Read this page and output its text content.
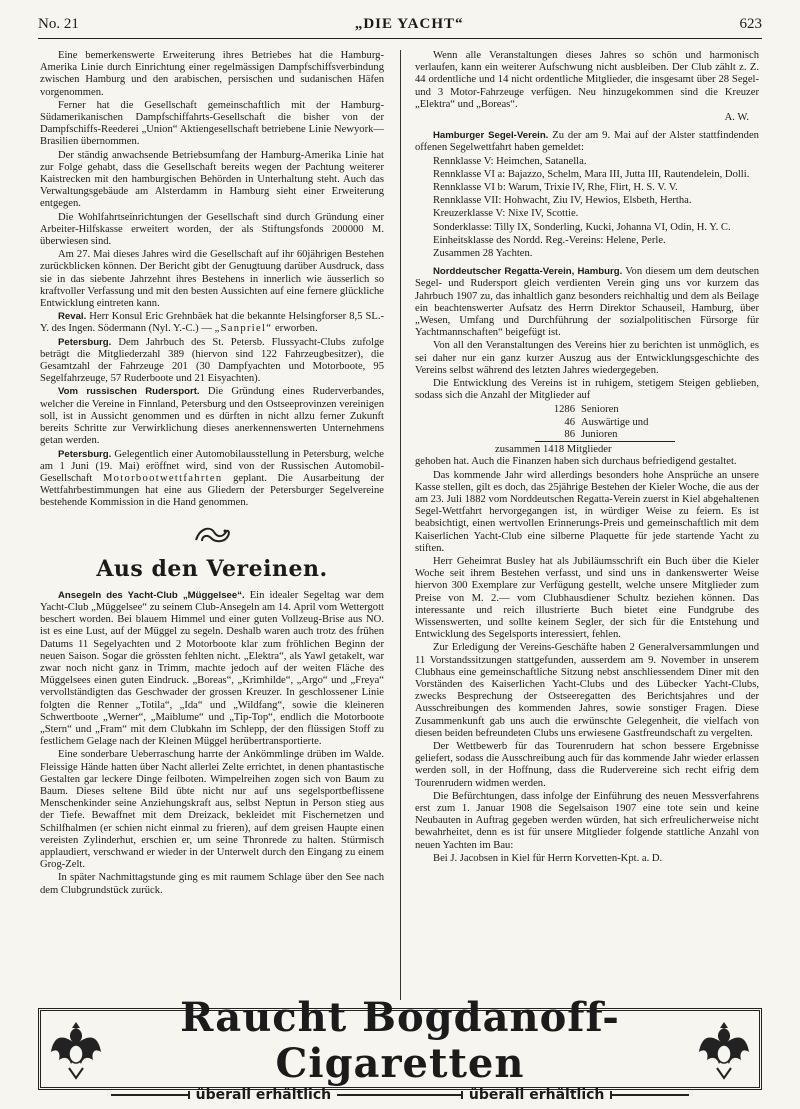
No. 21	„DIE YACHT“	623

Eine bemerkenswerte Erweiterung ihres Betriebes hat die Hamburg-Amerika Linie durch Einrichtung einer regelmässigen Dampfschiffsverbindung zwischen Hamburg und den arabischen, persischen und sudanischen Häfen vorgenommen.

Ferner hat die Gesellschaft gemeinschaftlich mit der Hamburg-Südamerikanischen Dampfschiffahrts-Gesellschaft die bisher von der Dampfschiffs-Reederei „Union“ Aktiengesellschaft betriebene Linie Newyork—Brasilien übernommen.

Der ständig anwachsende Betriebsumfang der Hamburg-Amerika Linie hat zur Folge gehabt, dass die Gesellschaft bereits wegen der Pachtung weiterer Kaistrecken mit den hamburgischen Behörden in Unterhaltung steht. Auch das Verwaltungsgebäude am Alsterdamm in Hamburg sieht einer Erweiterung entgegen.

Die Wohlfahrtseinrichtungen der Gesellschaft sind durch Gründung einer Arbeiter-Hilfskasse erweitert worden, der als Stiftungsfonds 200000 M. überwiesen sind.

Am 27. Mai dieses Jahres wird die Gesellschaft auf ihr 60jährigen Bestehen zurückblicken können. Der Bericht gibt der Genugtuung darüber Ausdruck, dass sie in das siebente Jahrzehnt ihres Bestehens in innerlich wie äusserlich so kraftvoller Verfassung und mit den besten Aussichten auf eine fernere glückliche Entwicklung eintreten kann.

Reval. Herr Konsul Eric Grehnbäek hat die bekannte Helsingforser 8,5 SL.-Y. des Ingen. Södermann (Nyl. Y.-C.) — „Sanpriel“ erworben.

Petersburg. Dem Jahrbuch des St. Petersb. Flussyacht-Clubs zufolge beträgt die Mitgliederzahl 389 (hiervon sind 122 Fahrzeugbesitzer), die Gesamtzahl der Fahrzeuge 201 (30 Dampfyachten und Motorboote, 95 Segelfahrzeuge, 57 Ruderboote und 21 Eisyachten).

Vom russischen Rudersport. Die Gründung eines Ruderverbandes, welcher die Vereine in Finnland, Petersburg und den Ostseeprovinzen vereinigen soll, ist in Aussicht genommen und es dürften in nicht allzu ferner Zukunft bereits Schritte zur Verwirklichung dieses anerkennenswerten Unternehmens getan werden.

Petersburg. Gelegentlich einer Automobilausstellung in Petersburg, welche am 1 Juni (19. Mai) eröffnet wird, sind von der Russischen Automobil-Gesellschaft Motorbootwettfahrten geplant. Die Ausarbeitung der Wettfahrbestimmungen hat eine aus Gliedern der Petersburger Segelvereine bestehende Kommission in die Hand genommen.

Aus den Vereinen.

Ansegeln des Yacht-Club „Müggelsee“. Ein idealer Segeltag war dem Yacht-Club „Müggelsee“ zu seinem Club-Ansegeln am 14. April vom Wettergott beschert worden. Bei blauem Himmel und einer guten Vollzeug-Brise aus NO. ist es eine Lust, auf der Müggel zu segeln. Deshalb waren auch trotz des frühen Datums 11 Segelyachten und 2 Motorboote klar zum fröhlichen Beginn der neuen Saison. Sogar die grössten fehlten nicht. „Elektra“, als Yawl getakelt, war zwar noch nicht ganz in Trimm, machte jedoch auf der weiten Fläche des Müggelsees einen guten Eindruck. „Boreas“, „Krimhilde“, „Argo“ und „Freya“ vervollständigten das Geschwader der grossen Kreuzer. In geschlossener Linie folgten die Renner „Totila“, „Ida“ und „Wildfang“, sowie die kleineren Schwertboote „Werner“, „Maiblume“ und „Tip-Top“, endlich die Motorboote „Stern“ und „Fram“ mit dem Clubkahn im Schlepp, der den flüssigen Stoff zu festlichem Gelage nach der Kleinen Müggel herübertransportierte.

Eine sonderbare Ueberraschung harrte der Ankömmlinge drüben im Walde. Fleissige Hände hatten über Nacht allerlei Zelte errichtet, in denen phantastische Gestalten gar leckere Dinge feilboten. Wimpelreihen zogen sich von Baum zu Baum. Dieses seltene Bild übte nicht nur auf uns segelsportbeflissene Menschenkinder seine Anziehungskraft aus, selbst Neptun in Person stieg aus der Tiefe. Bewaffnet mit dem Dreizack, bekleidet mit Fischernetzen und Schilfhalmen (er schien nicht einmal zu frieren), auf dem greisen Haupte einen vereisten Zylinderhut, erschien er, um seine Thronrede zu halten. Stürmisch applaudiert, verschwand er wieder in der Unterwelt durch den Eingang zu einem Grog-Zelt.

In später Nachmittagstunde ging es mit raumem Schlage über den See nach dem Clubgrundstück zurück.

Wenn alle Veranstaltungen dieses Jahres so schön und harmonisch verlaufen, kann ein weiterer Aufschwung nicht ausbleiben. Der Club zählt z. Z. 44 ordentliche und 14 nicht ordentliche Mitglieder, die insgesamt über 28 Segel- und 3 Motor-Fahrzeuge verfügen. Neu hinzugekommen sind die Kreuzer „Elektra“ und „Boreas“.

A. W.

Hamburger Segel-Verein. Zu der am 9. Mai auf der Alster stattfindenden offenen Segelwettfahrt haben gemeldet:

Rennklasse V: Heimchen, Satanella.

Rennklasse VI a: Bajazzo, Schelm, Mara III, Jutta III, Rautendelein, Dolli.

Rennklasse VI b: Warum, Trixie IV, Rhe, Flirt, H. S. V. V.

Rennklasse VII: Hohwacht, Ziu IV, Hewios, Elsbeth, Hertha.

Kreuzerklasse V: Nixe IV, Scottie.

Sonderklasse: Tilly IX, Sonderling, Kucki, Johanna VI, Odin, H. Y. C.

Einheitsklasse des Nordd. Reg.-Vereins: Helene, Perle.

Zusammen 28 Yachten.

Norddeutscher Regatta-Verein, Hamburg. Von diesem um dem deutschen Segel- und Rudersport gleich verdienten Verein ging uns vor kurzem das Jahrbuch 1907 zu, das inhaltlich ganz besonders reichhaltig und dem als Beilage ein beachtenswerter Aufsatz des Herrn Direktor Schauseil, Hamburg, über „Wesen, Umfang und Durchführung der sozialpolitischen Fürsorge für Yachtmannschaften“ beigefügt ist.

Von all den Veranstaltungen des Vereins hier zu berichten ist unmöglich, es sei daher nur ein ganz kurzer Auszug aus der Entwicklungsgeschichte des Vereins selbst während des letzten Jahres wiedergegeben.

Die Entwicklung des Vereins ist in ruhigem, stetigem Steigen geblieben, sodass sich die Anzahl der Mitglieder auf

1286 Senioren
46 Auswärtige und
86 Junioren
zusammen 1418 Mitglieder

gehoben hat. Auch die Finanzen haben sich durchaus befriedigend gestaltet.

Das kommende Jahr wird allerdings besonders hohe Ansprüche an unsere Kasse stellen, gilt es doch, das 25jährige Bestehen der Kieler Woche, die aus der am 23. Juli 1882 vom Norddeutschen Regatta-Verein zuerst in Kiel abgehaltenen Segel-Wettfahrt hervorgegangen ist, in würdiger Weise zu feiern. Es ist beabsichtigt, einen wertvollen Erinnerungs-Preis und gemeinschaftlich mit dem Kaiserlichen Yacht-Club eine silberne Plaquette für jede startende Yacht zu stiften.

Herr Geheimrat Busley hat als Jubiläumsschrift ein Buch über die Kieler Woche seit ihrem Bestehen verfasst, und sind uns in dankenswerter Weise hiervon 300 Exemplare zur Verfügung gestellt, welche unsere Mitglieder zum Preise von M. 2.— vom Clubhausdiener Schultz beziehen können. Das interessante und reich illustrierte Buch bietet eine Fundgrube des Wissenswerten, und sollte keinem Segler, der sich für die Entstehung und Entwicklung des Segelsports interessiert, fehlen.

Zur Erledigung der Vereins-Geschäfte haben 2 Generalversammlungen und 11 Vorstandssitzungen stattgefunden, ausserdem am 9. November in unserem Clubhaus eine gemeinschaftliche Sitzung nebst anschliessendem Diner mit den Vorständen des Kaiserlichen Yacht-Clubs und des Lübecker Yacht-Clubs, zwecks Besprechung der Ostseeregatten des Berichtsjahres und der Ausschreibungen des kommenden Jahres, sowie sonstiger Fragen. Diese Zusammenkunft gab uns auch die erwünschte Gelegenheit, die vielfach von diesen beiden befreundeten Clubs uns erwiesene Gastfreundschaft zu vergelten.

Der Wettbewerb für das Tourenrudern hat schon bessere Ergebnisse geliefert, sodass die Ausschreibung auch für das kommende Jahr wieder erlassen werden soll, in der Hoffnung, dass die Rudervereine sich recht eifrig dem Tourenrudern widmen werden.

Die Befürchtungen, dass infolge der Einführung des neuen Messverfahrens erst zum 1. Januar 1908 die Segelsaison 1907 eine tote sein und keine Neubauten in Auftrag gegeben werden würden, hat sich erfreulicherweise nicht bewahrheitet, denn es ist für unsere Mitglieder folgende stattliche Anzahl von neuen Yachten im Bau:

Bei J. Jacobsen in Kiel für Herrn Korvetten-Kpt. a. D.

Raucht Bogdanoff-Cigaretten
überall erhältlich	überall erhältlich
